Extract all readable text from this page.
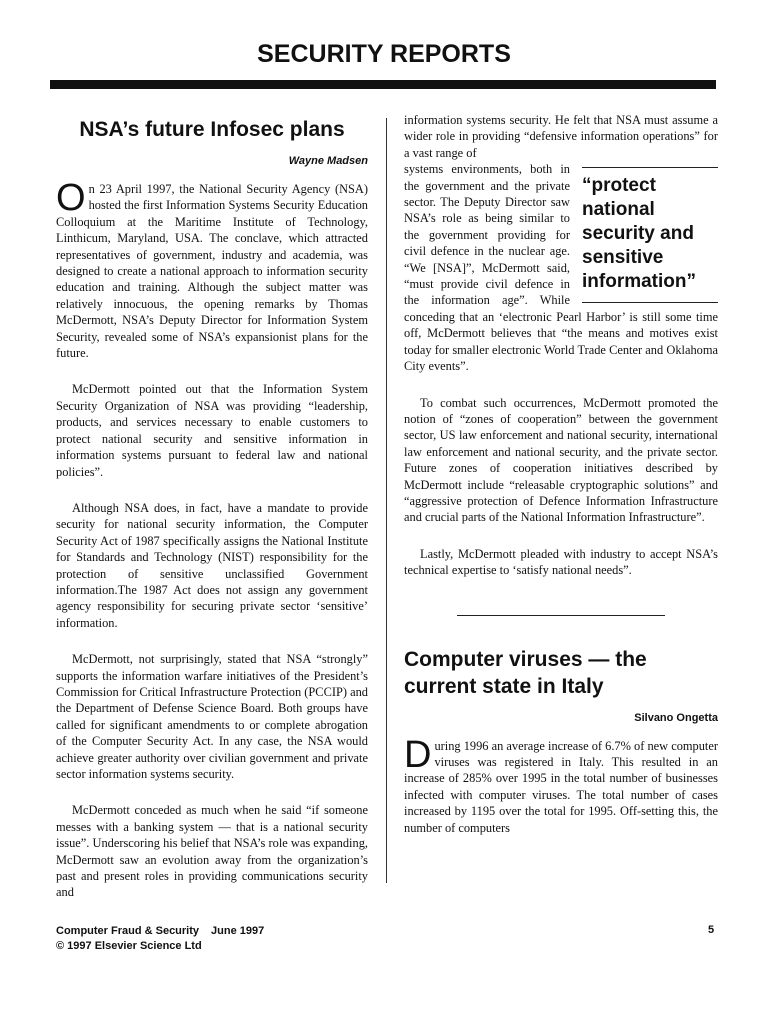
SECURITY REPORTS
NSA’s future Infosec plans
Wayne Madsen

On 23 April 1997, the National Security Agency (NSA) hosted the first Information Systems Security Education Colloquium at the Maritime Institute of Technology, Linthicum, Maryland, USA. The conclave, which attracted representatives of government, industry and academia, was designed to create a national approach to information security education and training. Although the subject matter was relatively innocuous, the opening remarks by Thomas McDermott, NSA’s Deputy Director for Information System Security, revealed some of NSA’s expansionist plans for the future.

McDermott pointed out that the Information System Security Organization of NSA was providing “leadership, products, and services necessary to enable customers to protect national security and sensitive information in information systems pursuant to federal law and national policies”.

Although NSA does, in fact, have a mandate to provide security for national security information, the Computer Security Act of 1987 specifically assigns the National Institute for Standards and Technology (NIST) responsibility for the protection of sensitive unclassified Government information.The 1987 Act does not assign any government agency responsibility for securing private sector ‘sensitive’ information.

McDermott, not surprisingly, stated that NSA “strongly” supports the information warfare initiatives of the President’s Commission for Critical Infrastructure Protection (PCCIP) and the Department of Defense Science Board. Both groups have called for significant amendments to or complete abrogation of the Computer Security Act. In any case, the NSA would achieve greater authority over civilian government and private sector information systems security.

McDermott conceded as much when he said “if someone messes with a banking system — that is a national security issue”. Underscoring his belief that NSA’s role was expanding, McDermott saw an evolution away from the organization’s past and present roles in providing communications security and

information systems security. He felt that NSA must assume a wider role in providing “defensive information operations” for a vast range of

“protect national security and sensitive information”

systems environments, both in the government and the private sector. The Deputy Director saw NSA’s role as being similar to the government providing for civil defence in the nuclear age. “We [NSA]”, McDermott said, “must provide civil defence in the information age”. While conceding that an ‘electronic Pearl Harbor’ is still some time off, McDermott believes that “the means and motives exist today for smaller electronic World Trade Center and Oklahoma City events”.

To combat such occurrences, McDermott promoted the notion of “zones of cooperation” between the government sector, US law enforcement and national security, international law enforcement and national security, and the private sector. Future zones of cooperation initiatives described by McDermott include “releasable cryptographic solutions” and “aggressive protection of Defence Information Infrastructure and crucial parts of the National Information Infrastructure”.

Lastly, McDermott pleaded with industry to accept NSA’s technical expertise to ‘satisfy national needs”.

Computer viruses — the current state in Italy
Silvano Ongetta

During 1996 an average increase of 6.7% of new computer viruses was registered in Italy. This resulted in an increase of 285% over 1995 in the total number of businesses infected with computer viruses. The total number of cases increased by 1195 over the total for 1995. Off-setting this, the number of computers

Computer Fraud & Security June 1997
© 1997 Elsevier Science Ltd
5
